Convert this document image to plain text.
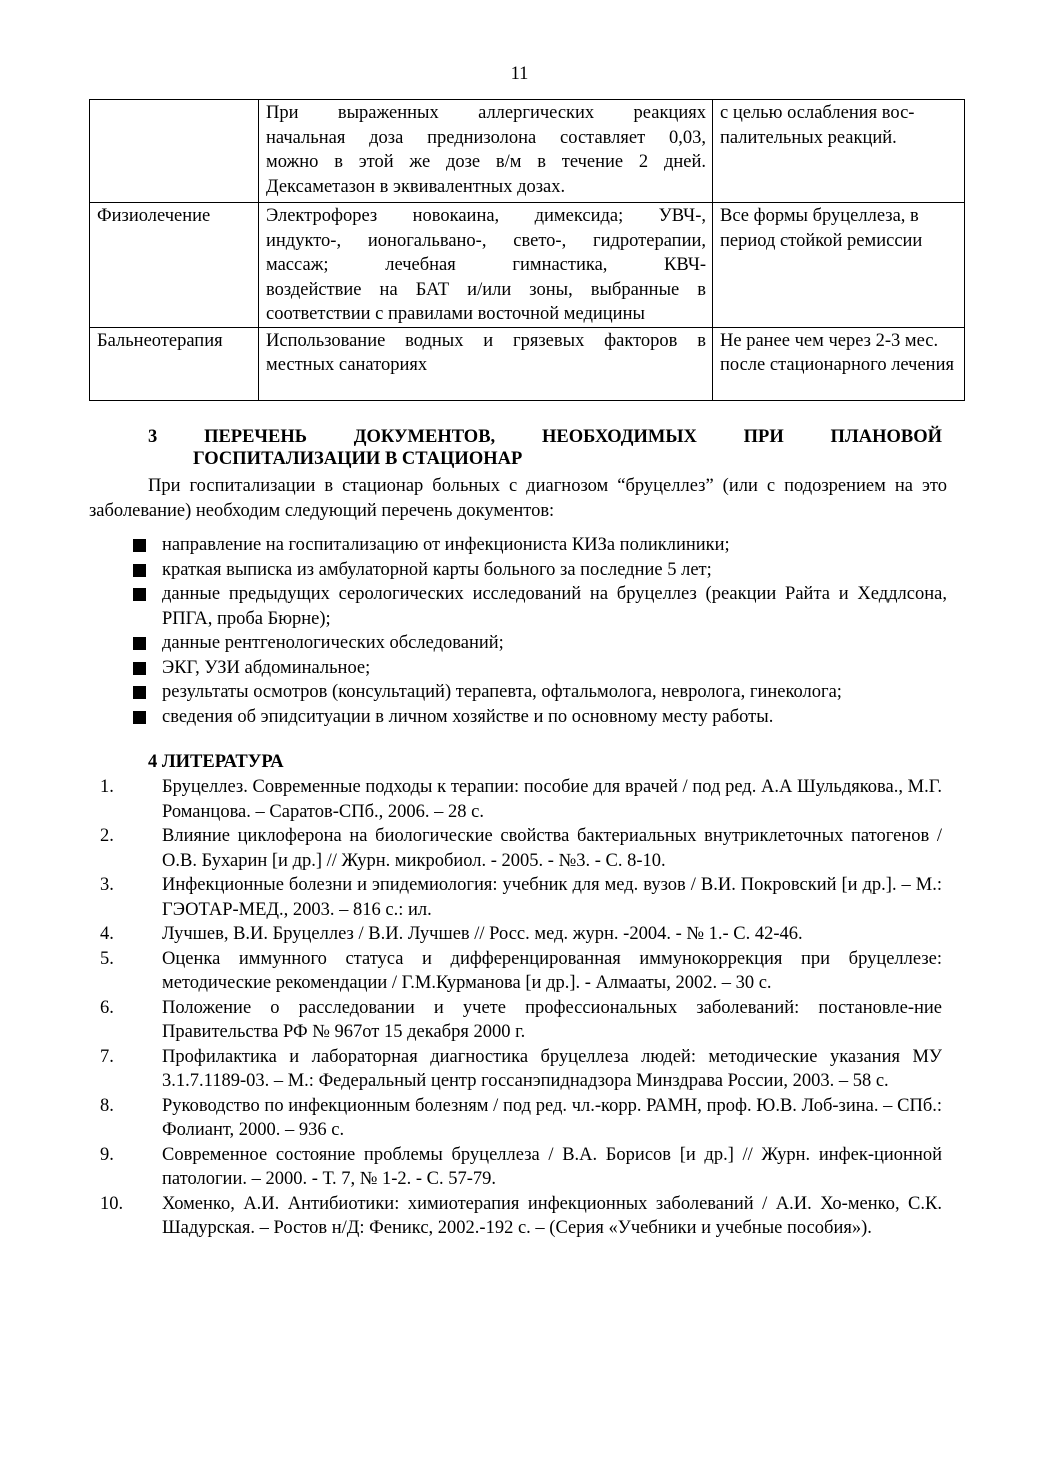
11

	При выраженных аллергических реакциях
начальная доза преднизолона составляет 0,03,
можно в этой же дозе в/м в течение 2 дней.
Дексаметазон в эквивалентных дозах.	с целью ослабления вос-палительных реакций.
Физиолечение	Электрофорез новокаина, димексида; УВЧ-,
индукто-, ионогальвано-, свето-, гидротерапии,
массаж; лечебная гимнастика, КВЧ-
воздействие на БАТ и/или зоны, выбранные в
соответствии с правилами восточной медицины	Все формы бруцеллеза, в период стойкой ремиссии
Бальнеотерапия	Использование водных и грязевых факторов в
местных санаториях	Не ранее чем через 2-3 мес. после стационарного лечения
3 ПЕРЕЧЕНЬ ДОКУМЕНТОВ, НЕОБХОДИМЫХ ПРИ ПЛАНОВОЙ
ГОСПИТАЛИЗАЦИИ В СТАЦИОНАР
При госпитализации в стационар больных с диагнозом “бруцеллез” (или с подозрением на это заболевание) необходим следующий перечень документов:
направление на госпитализацию от инфекциониста КИЗа поликлиники;
краткая выписка из амбулаторной карты больного за последние 5 лет;
данные предыдущих серологических исследований на бруцеллез (реакции Райта и Хеддлсона, РПГА, проба Бюрне);
данные рентгенологических обследований;
ЭКГ, УЗИ абдоминальное;
результаты осмотров (консультаций) терапевта, офтальмолога, невролога, гинеколога;
сведения об эпидситуации в личном хозяйстве и по основному месту работы.
4 ЛИТЕРАТУРА
1.	Бруцеллез. Современные подходы к терапии: пособие для врачей / под ред. А.А Шульдякова., М.Г. Романцова. – Саратов-СПб., 2006. – 28 с.
2.	Влияние циклоферона на биологические свойства бактериальных внутриклеточных патогенов / О.В. Бухарин [и др.] // Журн. микробиол. - 2005. - №3. - С. 8-10.
3.	Инфекционные болезни и эпидемиология: учебник для мед. вузов / В.И. Покровский [и др.]. – М.: ГЭОТАР-МЕД., 2003. – 816 с.: ил.
4.	Лучшев, В.И. Бруцеллез / В.И. Лучшев // Росс. мед. журн. -2004. - № 1.- С. 42-46.
5.	Оценка иммунного статуса и дифференцированная иммунокоррекция при бруцеллезе: методические рекомендации / Г.М.Курманова [и др.]. - Алмааты, 2002. – 30 с.
6.	Положение о расследовании и учете профессиональных заболеваний: постановле-ние Правительства РФ № 967от 15 декабря 2000 г.
7.	Профилактика и лабораторная диагностика бруцеллеза людей: методические указания МУ 3.1.7.1189-03. – М.: Федеральный центр госсанэпиднадзора Минздрава России, 2003. – 58 с.
8.	Руководство по инфекционным болезням / под ред. чл.-корр. РАМН, проф. Ю.В. Лоб-зина. – СПб.: Фолиант, 2000. – 936 с.
9.	Современное состояние проблемы бруцеллеза / В.А. Борисов [и др.] // Журн. инфек-ционной патологии. – 2000. - Т. 7, № 1-2. - С. 57-79.
10. Хоменко, А.И. Антибиотики: химиотерапия инфекционных заболеваний / А.И. Хо-менко, С.К. Шадурская. – Ростов н/Д: Феникс, 2002.-192 с. – (Серия «Учебники и учебные пособия»).
